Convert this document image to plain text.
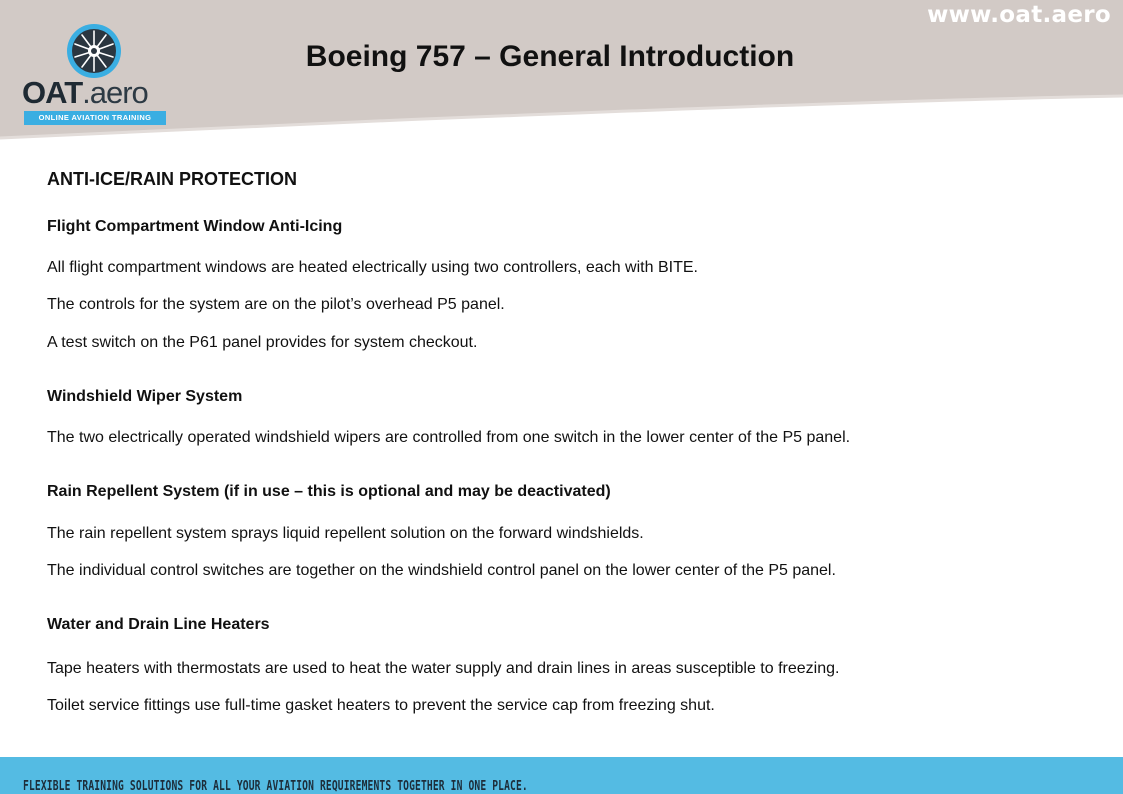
www.oat.aero
OAT.aero
ONLINE AVIATION TRAINING
Boeing 757 – General Introduction
ANTI-ICE/RAIN PROTECTION
Flight Compartment Window Anti-Icing
All flight compartment windows are heated electrically using two controllers, each with BITE.
The controls for the system are on the pilot’s overhead P5 panel.
A test switch on the P61 panel provides for system checkout.
Windshield Wiper System
The two electrically operated windshield wipers are controlled from one switch in the lower center of the P5 panel.
Rain Repellent System (if in use – this is optional and may be deactivated)
The rain repellent system sprays liquid repellent solution on the forward windshields.
The individual control switches are together on the windshield control panel on the lower center of the P5 panel.
Water and Drain Line Heaters
Tape heaters with thermostats are used to heat the water supply and drain lines in areas susceptible to freezing.
Toilet service fittings use full-time gasket heaters to prevent the service cap from freezing shut.
FLEXIBLE TRAINING SOLUTIONS FOR ALL YOUR AVIATION REQUIREMENTS TOGETHER IN ONE PLACE.
